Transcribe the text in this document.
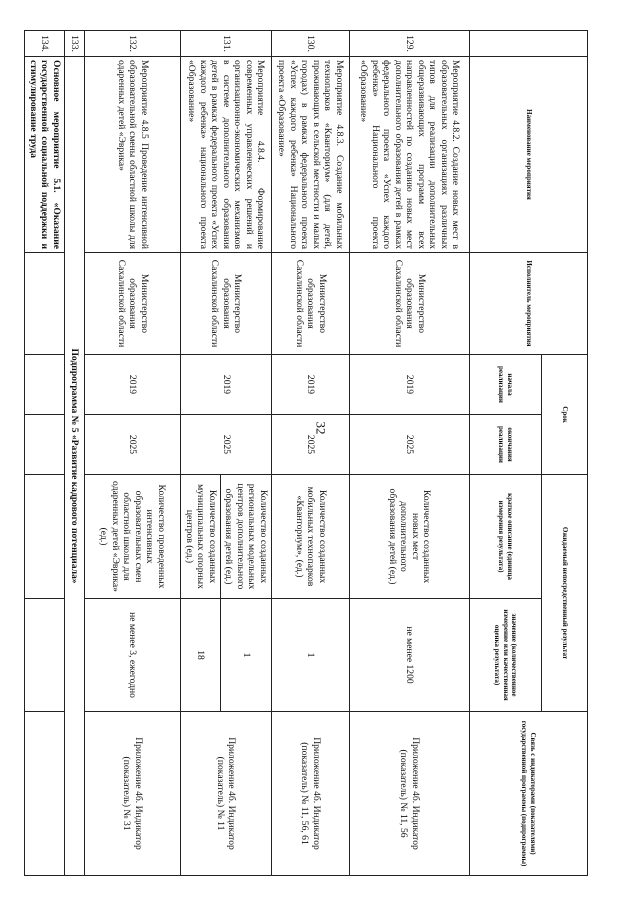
32
	Наименование мероприятия	Исполнитель мероприятия	Срок		Ожидаемый непосредственный результат		Связь с индикаторами (показателями) государственной программы (подпрограммы)
			начала реализации	окончания реализации	краткое описание (единица измерения результата)	значение (количественное измерение или качественная оценка результата)	
129.	Мероприятие 4.8.2. Создание новых мест в образовательных организациях различных типов для реализации дополнительных общеразвивающих программ всех направленностей по созданию новых мест дополнительного образования детей в рамках федерального проекта «Успех каждого ребенка» Национального проекта «Образование»	Министерство образования Сахалинской области	2019	2025	Количество созданных новых мест дополнительного образования детей (ед.)	не менее 1200	Приложение 4б. Индикатор (показатель) № 11, 56
130.	Мероприятие 4.8.3. Создание мобильных технопарков «Кванториум» (для детей, проживающих в сельской местности и малых городах) в рамках федерального проекта «Успех каждого ребенка» Национального проекта «Образование»	Министерство образования Сахалинской области	2019	2025	Количество созданных мобильных технопарков «Кванториум», (ед.)	1	Приложение 4б. Индикатор (показатель) № 11, 56, 61
131.	Мероприятие 4.8.4. Формирование современных управленческих решений и организационно-экономических механизмов в системе дополнительного образования детей в рамках федерального проекта «Успех каждого ребенка» национального проекта «Образование»	Министерство образования Сахалинской области	2019	2025	Количество созданных региональных модельных центров дополнительного образования детей (ед.)	1	Приложение 4б. Индикатор (показатель) № 11
					Количество созданных муниципальных опорных центров (ед.)	18	
132.	Мероприятие 4.8.5 Проведение интенсивной образовательной смены областной школы для одаренных детей «Эврика»	Министерство образования Сахалинской области	2019	2025	Количество проведенных интенсивных образовательных смен областной школы для одаренных детей «Эврика» (ед.)	не менее 3, ежегодно	Приложение 4б. Индикатор (показатель) № 31
133.	Подпрограмма № 5 «Развитие кадрового потенциала»						
134.	Основное мероприятие 5.1. «Оказание государственной социальной поддержки и стимулирование труда						
